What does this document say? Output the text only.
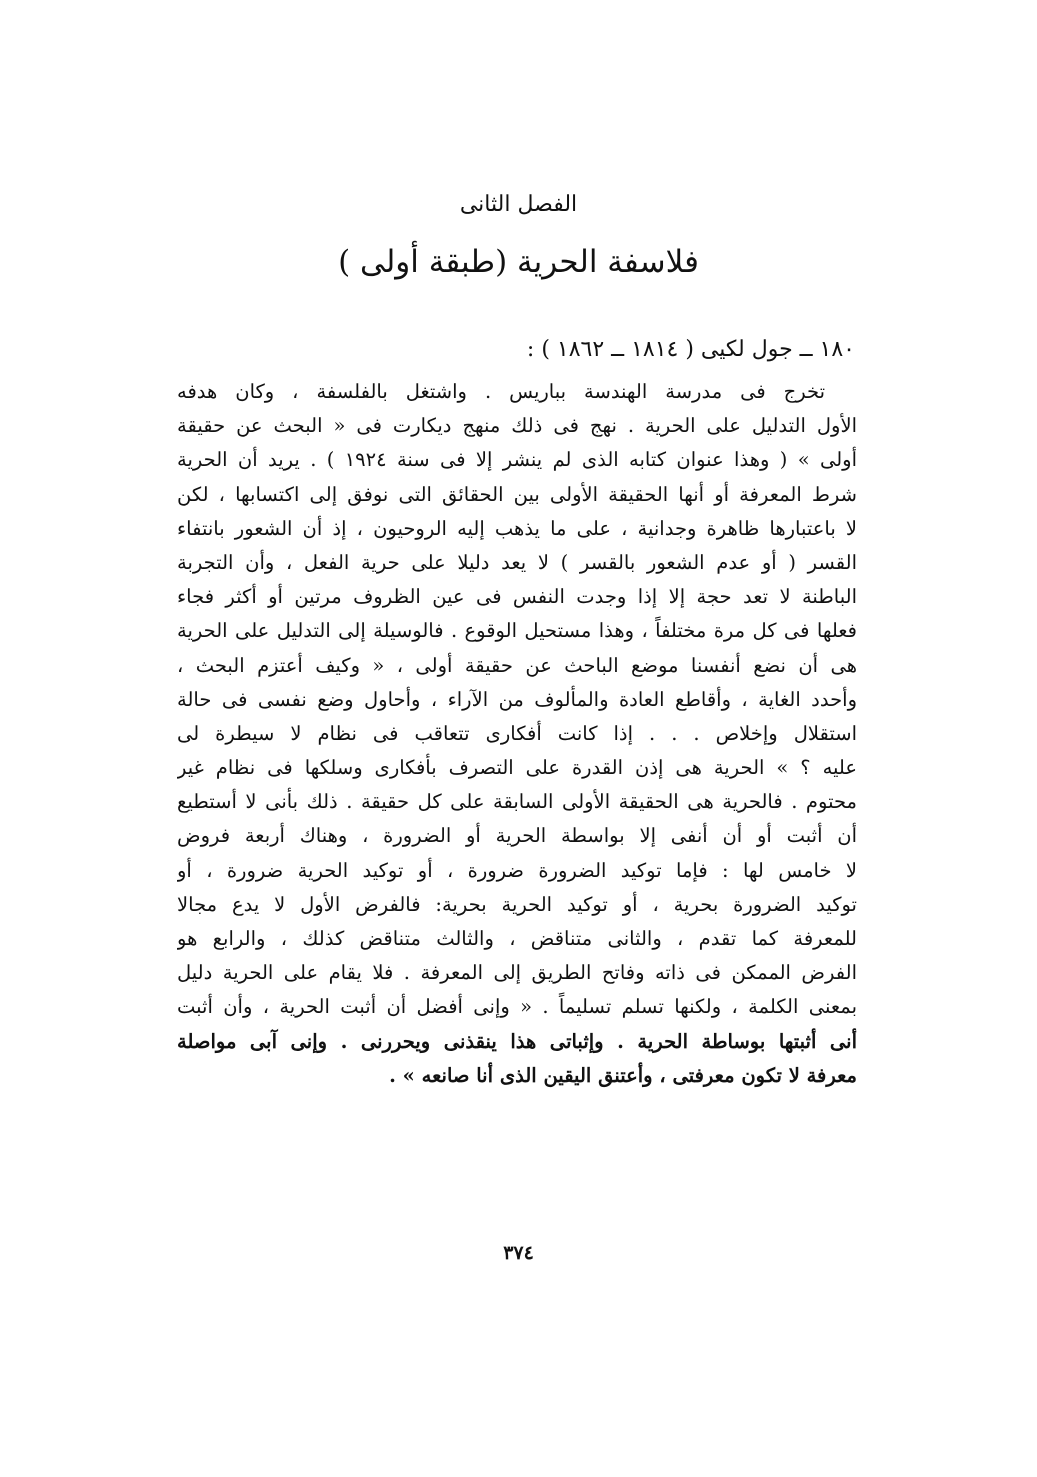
الفصل الثانى
فلاسفة الحرية (طبقة أولى )
١٨٠ ــ جول لكيى ( ١٨١٤ ــ ١٨٦٢ ) :
تخرج فى مدرسة الهندسة بباريس . واشتغل بالفلسفة ، وكان هدفه
الأول التدليل على الحرية . نهج فى ذلك منهج ديكارت فى « البحث عن حقيقة
أولى » ( وهذا عنوان كتابه الذى لم ينشر إلا فى سنة ١٩٢٤ ) . يريد أن الحرية
شرط المعرفة أو أنها الحقيقة الأولى بين الحقائق التى نوفق إلى اكتسابها ، لكن
لا باعتبارها ظاهرة وجدانية ، على ما يذهب إليه الروحيون ، إذ أن الشعور بانتفاء
القسر ( أو عدم الشعور بالقسر ) لا يعد دليلا على حرية الفعل ، وأن التجربة
الباطنة لا تعد حجة إلا إذا وجدت النفس فى عين الظروف مرتين أو أكثر فجاء
فعلها فى كل مرة مختلفاً ، وهذا مستحيل الوقوع . فالوسيلة إلى التدليل على الحرية
هى أن نضع أنفسنا موضع الباحث عن حقيقة أولى ، « وكيف أعتزم البحث ،
وأحدد الغاية ، وأقاطع العادة والمألوف من الآراء ، وأحاول وضع نفسى فى حالة
استقلال وإخلاص . . . إذا كانت أفكارى تتعاقب فى نظام لا سيطرة لى
عليه ؟ » الحرية هى إذن القدرة على التصرف بأفكارى وسلكها فى نظام غير
محتوم . فالحرية هى الحقيقة الأولى السابقة على كل حقيقة . ذلك بأنى لا أستطيع
أن أثبت أو أن أنفى إلا بواسطة الحرية أو الضرورة ، وهناك أربعة فروض
لا خامس لها : فإما توكيد الضرورة ضرورة ، أو توكيد الحرية ضرورة ، أو
توكيد الضرورة بحرية ، أو توكيد الحرية بحرية: فالفرض الأول لا يدع مجالا
للمعرفة كما تقدم ، والثانى متناقض ، والثالث متناقض كذلك ، والرابع هو
الفرض الممكن فى ذاته وفاتح الطريق إلى المعرفة . فلا يقام على الحرية دليل
بمعنى الكلمة ، ولكنها تسلم تسليماً . « وإنى أفضل أن أثبت الحرية ، وأن أثبت
أنى أثبتها بوساطة الحرية . وإثباتى هذا ينقذنى ويحررنى . وإنى آبى مواصلة
معرفة لا تكون معرفتى ، وأعتنق اليقين الذى أنا صانعه » .
٣٧٤
